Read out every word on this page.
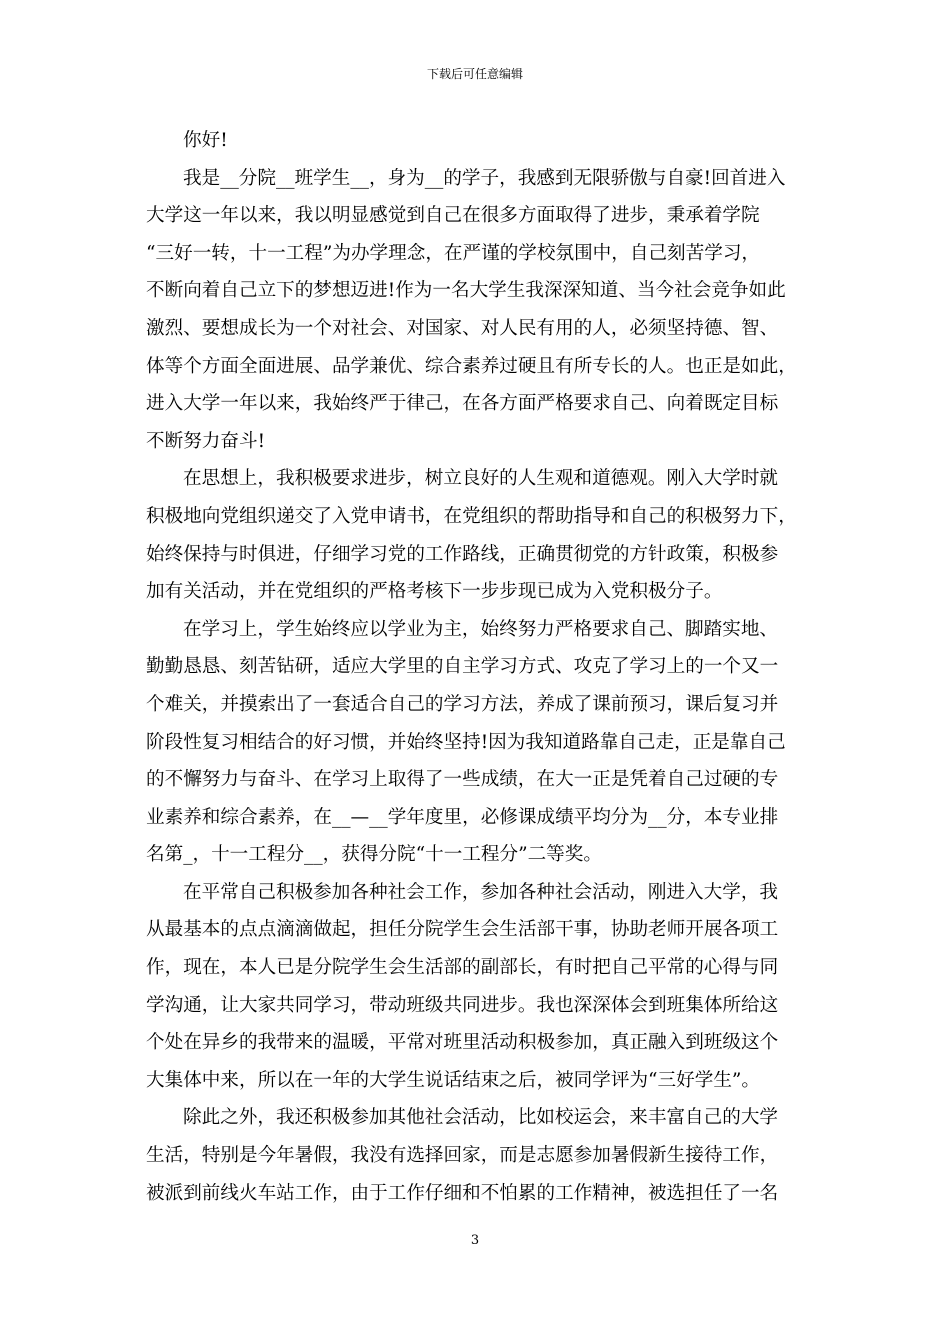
下载后可任意编辑
你好!
我是__分院__班学生__，身为__的学子，我感到无限骄傲与自豪!回首进入
大学这一年以来，我以明显感觉到自己在很多方面取得了进步，秉承着学院
“三好一转，十一工程”为办学理念，在严谨的学校氛围中，自己刻苦学习，
不断向着自己立下的梦想迈进!作为一名大学生我深深知道、当今社会竞争如此
激烈、要想成长为一个对社会、对国家、对人民有用的人，必须坚持德、智、
体等个方面全面进展、品学兼优、综合素养过硬且有所专长的人。也正是如此，
进入大学一年以来，我始终严于律己，在各方面严格要求自己、向着既定目标
不断努力奋斗!
在思想上，我积极要求进步，树立良好的人生观和道德观。刚入大学时就
积极地向党组织递交了入党申请书，在党组织的帮助指导和自己的积极努力下，
始终保持与时俱进，仔细学习党的工作路线，正确贯彻党的方针政策，积极参
加有关活动，并在党组织的严格考核下一步步现已成为入党积极分子。
在学习上，学生始终应以学业为主，始终努力严格要求自己、脚踏实地、
勤勤恳恳、刻苦钻研，适应大学里的自主学习方式、攻克了学习上的一个又一
个难关，并摸索出了一套适合自己的学习方法，养成了课前预习，课后复习并
阶段性复习相结合的好习惯，并始终坚持!因为我知道路靠自己走，正是靠自己
的不懈努力与奋斗、在学习上取得了一些成绩，在大一正是凭着自己过硬的专
业素养和综合素养，在__—__学年度里，必修课成绩平均分为__分，本专业排
名第_，十一工程分__，获得分院“十一工程分”二等奖。
在平常自己积极参加各种社会工作，参加各种社会活动，刚进入大学，我
从最基本的点点滴滴做起，担任分院学生会生活部干事，协助老师开展各项工
作，现在，本人已是分院学生会生活部的副部长，有时把自己平常的心得与同
学沟通，让大家共同学习，带动班级共同进步。我也深深体会到班集体所给这
个处在异乡的我带来的温暖，平常对班里活动积极参加，真正融入到班级这个
大集体中来，所以在一年的大学生说话结束之后，被同学评为“三好学生”。
除此之外，我还积极参加其他社会活动，比如校运会，来丰富自己的大学
生活，特别是今年暑假，我没有选择回家，而是志愿参加暑假新生接待工作，
被派到前线火车站工作，由于工作仔细和不怕累的工作精神，被选担任了一名
3
